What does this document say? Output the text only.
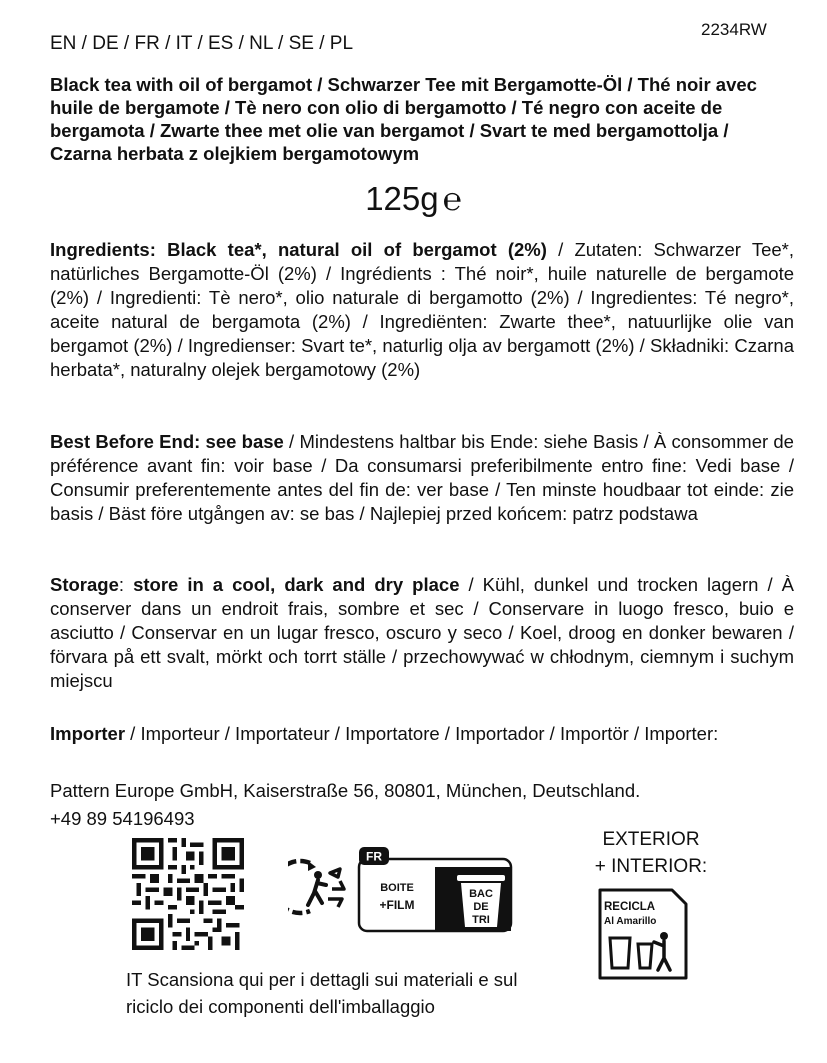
EN / DE / FR / IT / ES / NL / SE / PL
2234RW
Black tea with oil of bergamot / Schwarzer Tee mit Bergamotte-Öl / Thé noir avec huile de bergamote / Tè nero con olio di bergamotto / Té negro con aceite de bergamota / Zwarte thee met olie van bergamot / Svart te med bergamottolja / Czarna herbata z olejkiem bergamotowym
125g ℮
Ingredients: Black tea*, natural oil of bergamot (2%) / Zutaten: Schwarzer Tee*, natürliches Bergamotte-Öl (2%) / Ingrédients : Thé noir*, huile naturelle de bergamote (2%) / Ingredienti: Tè nero*, olio naturale di bergamotto (2%) / Ingredientes: Té negro*, aceite natural de bergamota (2%) / Ingrediënten: Zwarte thee*, natuurlijke olie van bergamot (2%) / Ingredienser: Svart te*, naturlig olja av bergamott (2%) / Składniki: Czarna herbata*, naturalny olejek bergamotowy (2%)
Best Before End: see base / Mindestens haltbar bis Ende: siehe Basis / À consommer de préférence avant fin: voir base / Da consumarsi preferibilmente entro fine: Vedi base / Consumir preferentemente antes del fin de: ver base / Ten minste houdbaar tot einde: zie basis / Bäst före utgången av: se bas / Najlepiej przed końcem: patrz podstawa
Storage: store in a cool, dark and dry place / Kühl, dunkel und trocken lagern / À conserver dans un endroit frais, sombre et sec / Conservare in luogo fresco, buio e asciutto / Conservar en un lugar fresco, oscuro y seco / Koel, droog en donker bewaren / förvara på ett svalt, mörkt och torrt ställe / przechowywać w chłodnym, ciemnym i suchym miejscu
Importer / Importeur / Importateur / Importatore / Importador / Importör / Importer:
Pattern Europe GmbH, Kaiserstraße 56, 80801, München, Deutschland.
+49 89 54196493
FR
BOITE
+FILM
BAC
DE
TRI
EXTERIOR
+ INTERIOR:
RECICLA
Al Amarillo
IT Scansiona qui per i dettagli sui materiali e sul riciclo dei componenti dell'imballaggio
